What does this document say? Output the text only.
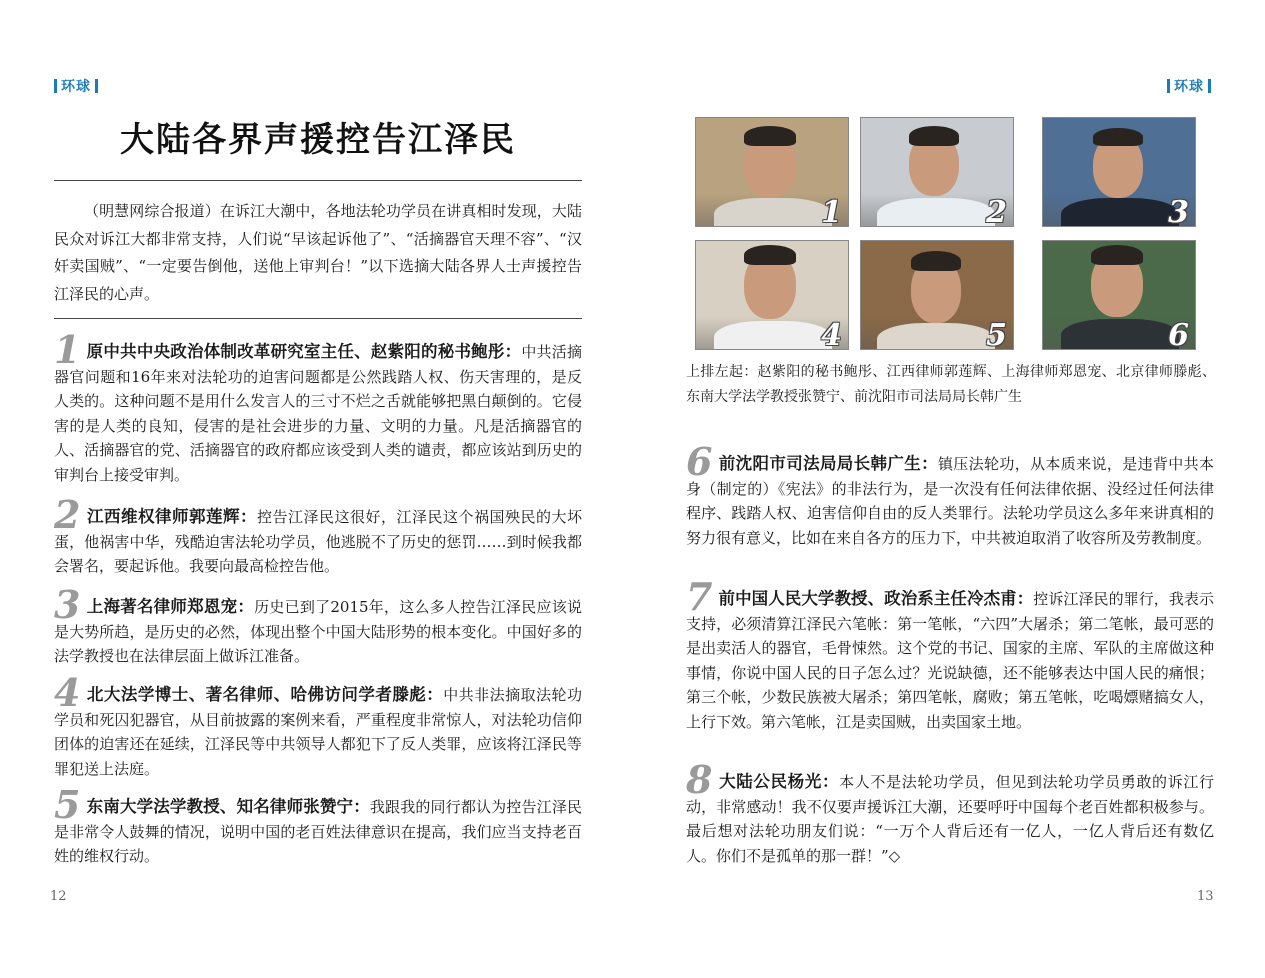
环球	环球
大陆各界声援控告江泽民

（明慧网综合报道）在诉江大潮中，各地法轮功学员在讲真相时发现，大陆民众对诉江大都非常支持，人们说“早该起诉他了”、“活摘器官天理不容”、“汉奸卖国贼”、“一定要告倒他，送他上审判台！”以下选摘大陆各界人士声援控告江泽民的心声。

1 原中共中央政治体制改革研究室主任、赵紫阳的秘书鲍彤：中共活摘器官问题和16年来对法轮功的迫害问题都是公然践踏人权、伤天害理的，是反人类的。这种问题不是用什么发言人的三寸不烂之舌就能够把黑白颠倒的。它侵害的是人类的良知，侵害的是社会进步的力量、文明的力量。凡是活摘器官的人、活摘器官的党、活摘器官的政府都应该受到人类的谴责，都应该站到历史的审判台上接受审判。

2 江西维权律师郭莲辉：控告江泽民这很好，江泽民这个祸国殃民的大坏蛋，他祸害中华，残酷迫害法轮功学员，他逃脱不了历史的惩罚……到时候我都会署名，要起诉他。我要向最高检控告他。

3 上海著名律师郑恩宠：历史已到了2015年，这么多人控告江泽民应该说是大势所趋，是历史的必然，体现出整个中国大陆形势的根本变化。中国好多的法学教授也在法律层面上做诉江准备。

4 北大法学博士、著名律师、哈佛访问学者滕彪：中共非法摘取法轮功学员和死囚犯器官，从目前披露的案例来看，严重程度非常惊人，对法轮功信仰团体的迫害还在延续，江泽民等中共领导人都犯下了反人类罪，应该将江泽民等罪犯送上法庭。

5 东南大学法学教授、知名律师张赞宁：我跟我的同行都认为控告江泽民是非常令人鼓舞的情况，说明中国的老百姓法律意识在提高，我们应当支持老百姓的维权行动。

1	2	3
4	5	6

上排左起：赵紫阳的秘书鲍彤、江西律师郭莲辉、上海律师郑恩宠、北京律师滕彪、东南大学法学教授张赞宁、前沈阳市司法局局长韩广生

6 前沈阳市司法局局长韩广生：镇压法轮功，从本质来说，是违背中共本身（制定的）《宪法》的非法行为，是一次没有任何法律依据、没经过任何法律程序、践踏人权、迫害信仰自由的反人类罪行。法轮功学员这么多年来讲真相的努力很有意义，比如在来自各方的压力下，中共被迫取消了收容所及劳教制度。

7 前中国人民大学教授、政治系主任冷杰甫：控诉江泽民的罪行，我表示支持，必须清算江泽民六笔帐：第一笔帐，“六四”大屠杀；第二笔帐，最可恶的是出卖活人的器官，毛骨悚然。这个党的书记、国家的主席、军队的主席做这种事情，你说中国人民的日子怎么过？光说缺德，还不能够表达中国人民的痛恨；第三个帐，少数民族被大屠杀；第四笔帐，腐败；第五笔帐，吃喝嫖赌搞女人，上行下效。第六笔帐，江是卖国贼，出卖国家土地。

8 大陆公民杨光：本人不是法轮功学员，但见到法轮功学员勇敢的诉江行动，非常感动！我不仅要声援诉江大潮，还要呼吁中国每个老百姓都积极参与。最后想对法轮功朋友们说：“一万个人背后还有一亿人，一亿人背后还有数亿人。你们不是孤单的那一群！”◇

12	13
